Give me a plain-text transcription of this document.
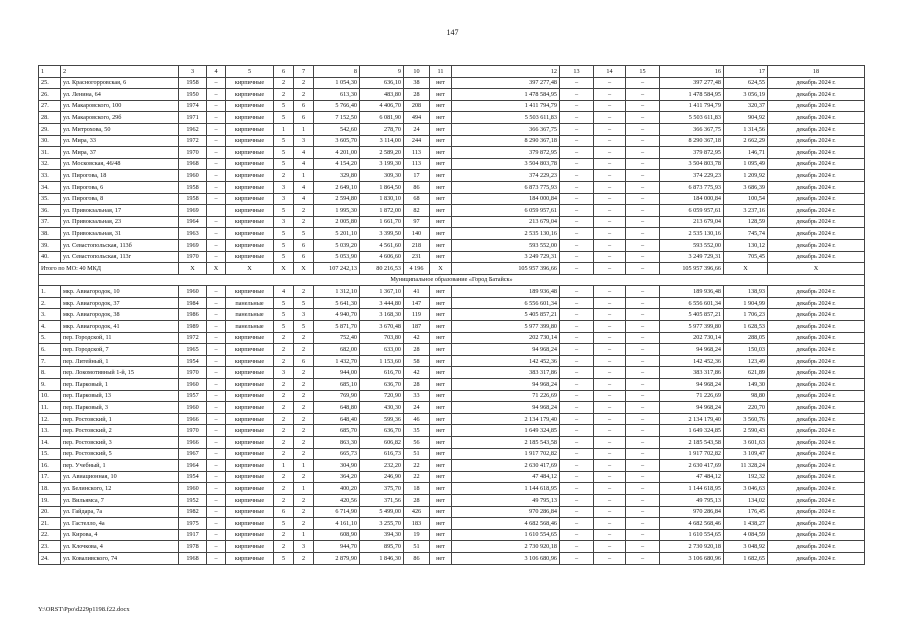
147
1	2	3	4	5	6	7	8	9	10	11	12	13	14	15	16	17	18
25.	ул. Красногорровская, 6	1958	–	кирпичные	2	2	1 054,30	636,10	38	нет	397 277,48	–	–	–	397 277,48	624,55	декабрь 2024 г.
26.	ул. Ленина, 64	1950	–	кирпичные	2	2	613,30	483,80	28	нет	1 478 584,95	–	–	–	1 478 584,95	3 056,19	декабрь 2024 г.
27.	ул. Макаровского, 100	1974	–	кирпичные	5	6	5 766,40	4 406,70	208	нет	1 411 794,79	–	–	–	1 411 794,79	320,37	декабрь 2024 г.
28.	ул. Макаровского, 29б	1971	–	кирпичные	5	6	7 152,50	6 081,90	494	нет	5 503 611,83	–	–	–	5 503 611,83	904,92	декабрь 2024 г.
29.	ул. Митрохова, 50	1962	–	кирпичные	1	1	542,60	278,70	24	нет	366 367,75	–	–	–	366 367,75	1 314,56	декабрь 2024 г.
30.	ул. Мира, 33	1972	–	кирпичные	5	3	3 605,70	3 114,00	244	нет	8 290 367,18	–	–	–	8 290 367,18	2 662,29	декабрь 2024 г.
31.	ул. Мира, 37	1970	–	кирпичные	5	4	4 201,00	2 589,20	113	нет	379 872,95	–	–	–	379 872,95	146,71	декабрь 2024 г.
32.	ул. Московская, 46/48	1968	–	кирпичные	5	4	4 154,20	3 199,30	113	нет	3 504 803,78	–	–	–	3 504 803,78	1 095,49	декабрь 2024 г.
33.	ул. Пирогова, 18	1960	–	кирпичные	2	1	329,80	309,30	17	нет	374 229,23	–	–	–	374 229,23	1 209,92	декабрь 2024 г.
34.	ул. Пирогова, 6	1958	–	кирпичные	3	4	2 649,10	1 864,50	86	нет	6 873 775,93	–	–	–	6 873 775,93	3 686,39	декабрь 2024 г.
35.	ул. Пирогова, 8	1958	–	кирпичные	3	4	2 594,80	1 830,10	68	нет	184 000,84	–	–	–	184 000,84	100,54	декабрь 2024 г.
36.	ул. Привокзальная, 17	1969		кирпичные	5	2	1 995,30	1 872,00	82	нет	6 059 957,61	–	–	–	6 059 957,61	3 237,16	декабрь 2024 г.
37.	ул. Привокзальная, 23	1964	–	кирпичные	3	2	2 005,80	1 661,70	97	нет	213 679,04	–	–	–	213 679,04	128,59	декабрь 2024 г.
38.	ул. Привокзальная, 31	1963	–	кирпичные	5	5	5 201,10	3 399,50	140	нет	2 535 130,16	–	–	–	2 535 130,16	745,74	декабрь 2024 г.
39.	ул. Севастопольская, 113б	1969	–	кирпичные	5	6	5 039,20	4 561,60	218	нет	593 552,00	–	–	–	593 552,00	130,12	декабрь 2024 г.
40.	ул. Севастопольская, 113г	1970	–	кирпичные	5	6	5 053,90	4 606,60	231	нет	3 249 729,31	–	–	–	3 249 729,31	705,45	декабрь 2024 г.
Итого по МО: 40 МКД		X	X	X	X	X	107 242,13	80 216,53	4 196	X	105 957 396,66	–	–	–	105 957 396,66	X	X
Муниципальное образование «Город Батайск»																	
1.	мкр. Авиагородок, 10	1960	–	кирпичные	4	2	1 312,10	1 367,10	41	нет	189 936,48	–	–	–	189 936,48	138,93	декабрь 2024 г.
2.	мкр. Авиагородок, 37	1984	–	панельные	5	5	5 641,30	3 444,80	147	нет	6 556 601,34	–	–	–	6 556 601,34	1 904,99	декабрь 2024 г.
3.	мкр. Авиагородок, 38	1986	–	панельные	5	3	4 940,70	3 168,30	119	нет	5 405 857,21	–	–	–	5 405 857,21	1 706,23	декабрь 2024 г.
4.	мкр. Авиагородок, 41	1989	–	панельные	5	5	5 871,70	3 670,48	187	нет	5 977 399,80	–	–	–	5 977 399,80	1 628,53	декабрь 2024 г.
5.	пер. Городской, 11	1972	–	кирпичные	2	2	752,40	703,80	42	нет	202 730,14	–	–	–	202 730,14	288,05	декабрь 2024 г.
6.	пер. Городской, 7	1965	–	кирпичные	2	2	682,00	633,00	28	нет	94 968,24	–	–	–	94 968,24	150,03	декабрь 2024 г.
7.	пер. Литейный, 1	1954	–	кирпичные	2	6	1 432,70	1 153,60	58	нет	142 452,36	–	–	–	142 452,36	123,49	декабрь 2024 г.
8.	пер. Локомотивный 1-й, 15	1970	–	кирпичные	3	2	944,00	616,70	42	нет	383 317,86	–	–	–	383 317,86	621,89	декабрь 2024 г.
9.	пер. Парковый, 1	1960	–	кирпичные	2	2	685,10	636,70	28	нет	94 968,24	–	–	–	94 968,24	149,30	декабрь 2024 г.
10.	пер. Парковый, 13	1957	–	кирпичные	2	2	769,90	720,90	33	нет	71 226,69	–	–	–	71 226,69	98,80	декабрь 2024 г.
11.	пер. Парковый, 3	1960	–	кирпичные	2	2	648,80	430,30	24	нет	94 968,24	–	–	–	94 968,24	220,70	декабрь 2024 г.
12.	пер. Ростовский, 1	1966	–	кирпичные	2	2	648,40	599,36	46	нет	2 134 179,40	–	–	–	2 134 179,40	3 560,76	декабрь 2024 г.
13.	пер. Ростовский, 2	1970	–	кирпичные	2	2	685,70	636,70	35	нет	1 649 324,85	–	–	–	1 649 324,85	2 590,43	декабрь 2024 г.
14.	пер. Ростовский, 3	1966	–	кирпичные	2	2	863,30	606,82	56	нет	2 185 543,58	–	–	–	2 185 543,58	3 601,63	декабрь 2024 г.
15.	пер. Ростовский, 5	1967	–	кирпичные	2	2	665,73	616,73	51	нет	1 917 702,82	–	–	–	1 917 702,82	3 109,47	декабрь 2024 г.
16.	пер. Учебный, 1	1964	–	кирпичные	1	1	304,90	232,20	22	нет	2 630 417,69	–	–	–	2 630 417,69	11 328,24	декабрь 2024 г.
17.	ул. Авиационная, 10	1954	–	кирпичные	2	2	364,20	246,90	22	нет	47 484,12	–	–	–	47 484,12	192,32	декабрь 2024 г.
18.	ул. Белинского, 12	1960	–	кирпичные	2	1	400,20	375,70	18	нет	1 144 618,95	–	–	–	1 144 618,95	3 046,63	декабрь 2024 г.
19.	ул. Вильямса, 7	1952	–	кирпичные	2	2	420,56	371,56	28	нет	49 795,13	–	–	–	49 795,13	134,02	декабрь 2024 г.
20.	ул. Гайдара, 7а	1982	–	кирпичные	6	2	6 714,90	5 499,00	426	нет	970 286,84	–	–	–	970 286,84	176,45	декабрь 2024 г.
21.	ул. Гастелло, 4а	1975	–	кирпичные	5	2	4 161,10	3 255,70	183	нет	4 682 568,46	–	–	–	4 682 568,46	1 438,27	декабрь 2024 г.
22.	ул. Кирова, 4	1917	–	кирпичные	2	1	608,90	394,30	19	нет	1 610 554,65	–	–	–	1 610 554,65	4 084,59	декабрь 2024 г.
23.	ул. Клочкова, 4	1978	–	кирпичные	2	3	944,70	895,70	51	нет	2 730 920,18	–	–	–	2 730 920,18	3 048,92	декабрь 2024 г.
24.	ул. Коваливского, 74	1968	–	кирпичные	5	2	2 879,90	1 846,30	86	нет	3 106 680,96	–	–	–	3 106 680,96	1 682,65	декабрь 2024 г.
Y:\ORST\Ppo\d229p1198.f22.docx
